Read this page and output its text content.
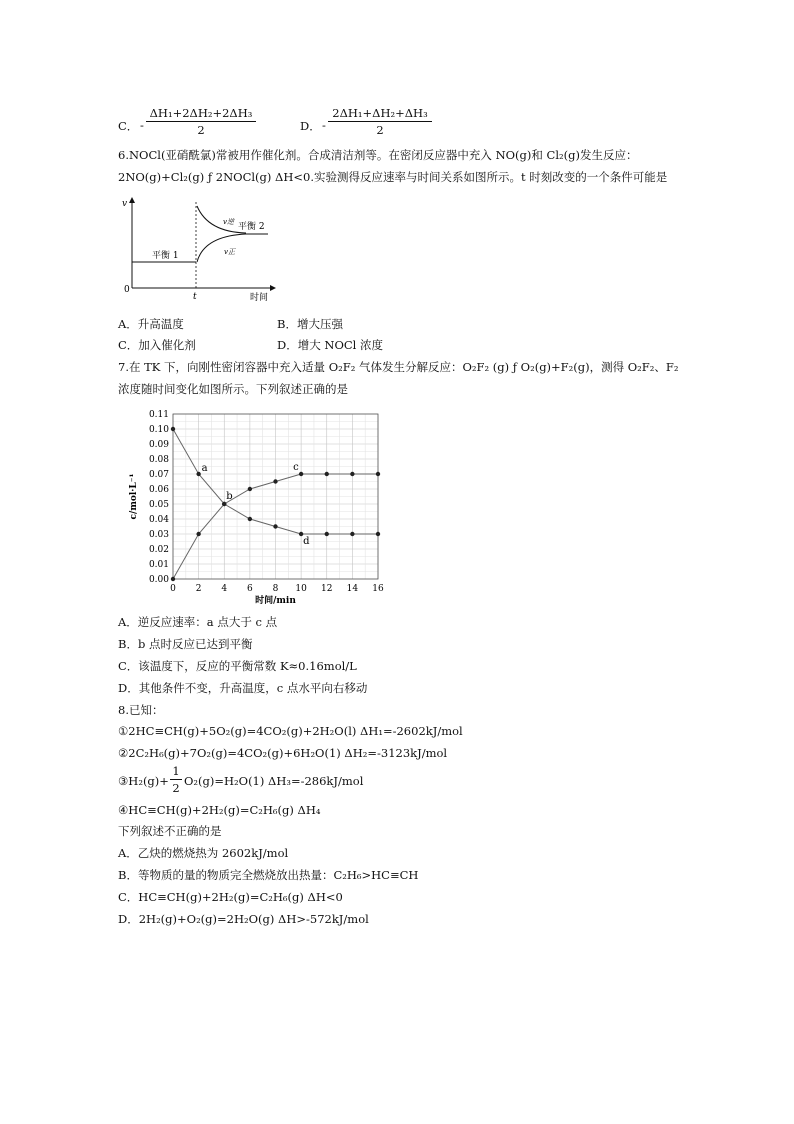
C． - $\frac{\text{ΔH₁+2ΔH₂+2ΔH₃}}{2}$	D． - $\frac{\text{2ΔH₁+ΔH₂+ΔH₃}}{2}$
6.NOCl(亚硝酰氯)常被用作催化剂。合成清洁剂等。在密闭反应器中充入 NO(g)和 Cl₂(g)发生反应：
2NO(g)+Cl₂(g) ƒ 2NOCl(g) ΔH<0.实验测得反应速率与时间关系如图所示。t 时刻改变的一个条件可能是
v
0
平衡 1
v逆
v正
平衡 2
t	时间
A．升高温度	B．增大压强
C．加入催化剂	D．增大 NOCl 浓度
7.在 TK 下，向刚性密闭容器中充入适量 O₂F₂ 气体发生分解反应：O₂F₂ (g) ƒ O₂(g)+F₂(g)，测得 O₂F₂、F₂
浓度随时间变化如图所示。下列叙述正确的是
0.00
0.01
0.02
0.03
0.04
0.05
0.06
0.07
0.08
0.09
0.10
0.11
0 2 4 6 8 10 12 14 16
时间/min
c/mol·L⁻¹
a
b
c
d
A．逆反应速率：a 点大于 c 点
B．b 点时反应已达到平衡
C．该温度下，反应的平衡常数 K≈0.16mol/L
D．其他条件不变，升高温度，c 点水平向右移动
8.已知：
①2HC≡CH(g)+5O₂(g)=4CO₂(g)+2H₂O(l) ΔH₁=-2602kJ/mol
②2C₂H₆(g)+7O₂(g)=4CO₂(g)+6H₂O(1) ΔH₂=-3123kJ/mol
③H₂(g)+ $\frac{1}{2} O_2(g)=H_2O(1)$ ΔH₃=-286kJ/mol
④HC≡CH(g)+2H₂(g)=C₂H₆(g) ΔH₄
下列叙述不正确的是
A．乙炔的燃烧热为 2602kJ/mol
B．等物质的量的物质完全燃烧放出热量：C₂H₆>HC≡CH
C．HC≡CH(g)+2H₂(g)=C₂H₆(g) ΔH<0
D．2H₂(g)+O₂(g)=2H₂O(g) ΔH>-572kJ/mol
